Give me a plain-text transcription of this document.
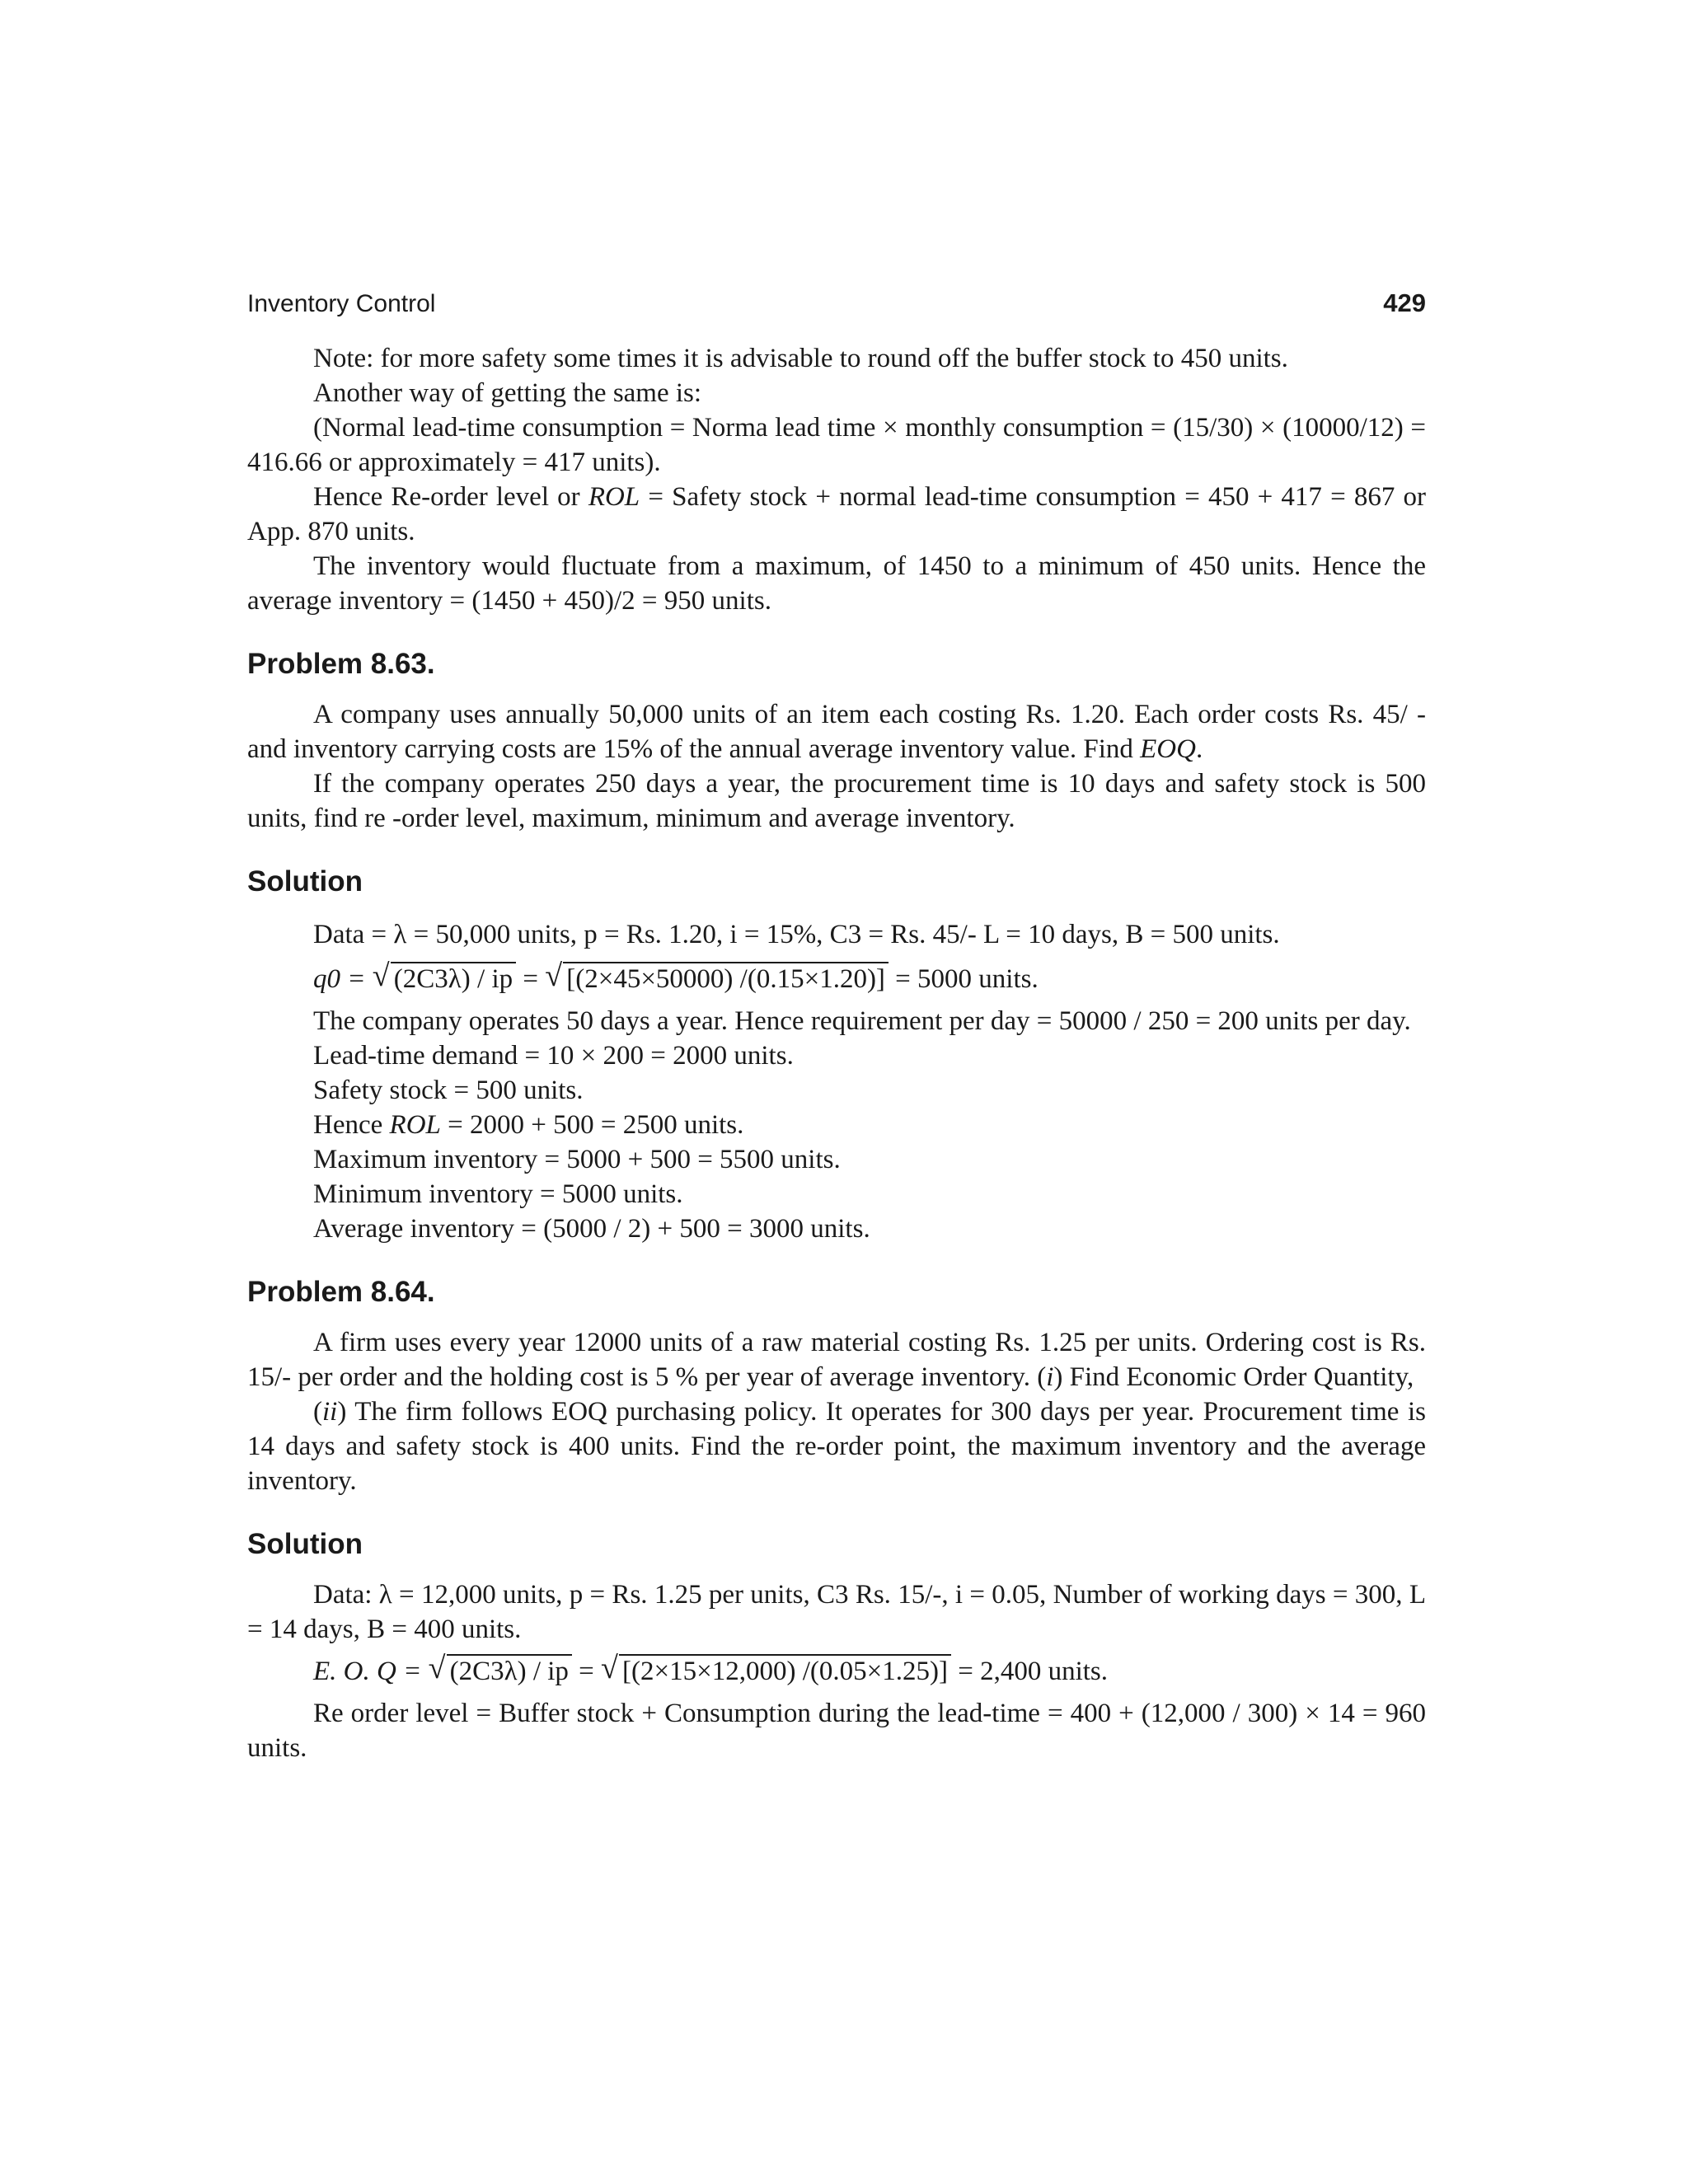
Inventory Control	429

Note: for more safety some times it is advisable to round off the buffer stock to 450 units.

Another way of getting the same is:

(Normal lead-time consumption = Norma lead time × monthly consumption = (15/30) × (10000/12) = 416.66 or approximately = 417 units).

Hence Re-order level or ROL = Safety stock + normal lead-time consumption = 450 + 417 = 867 or App. 870 units.

The inventory would fluctuate from a maximum, of 1450 to a minimum of 450 units. Hence the average inventory = (1450 + 450)/2 = 950 units.

Problem 8.63.

A company uses annually 50,000 units of an item each costing Rs. 1.20. Each order costs Rs. 45/ - and inventory carrying costs are 15% of the annual average inventory value. Find EOQ.

If the company operates 250 days a year, the procurement time is 10 days and safety stock is 500 units, find re -order level, maximum, minimum and average inventory.

Solution
Data = λ = 50,000 units, p = Rs. 1.20, i = 15%, C3 = Rs. 45/- L = 10 days, B = 500 units.
q0 = √ (2C3λ) / ip = √ [(2×45×50000) /(0.15×1.20)] = 5000 units.

The company operates 50 days a year. Hence requirement per day = 50000 / 250 = 200 units per day.

Lead-time demand = 10 × 200 = 2000 units.

Safety stock = 500 units.

Hence ROL = 2000 + 500 = 2500 units.

Maximum inventory = 5000 + 500 = 5500 units.

Minimum inventory = 5000 units.

Average inventory = (5000 / 2) + 500 = 3000 units.

Problem 8.64.

A firm uses every year 12000 units of a raw material costing Rs. 1.25 per units. Ordering cost is Rs. 15/- per order and the holding cost is 5 % per year of average inventory. (i) Find Economic Order Quantity,

(ii) The firm follows EOQ purchasing policy. It operates for 300 days per year. Procurement time is 14 days and safety stock is 400 units. Find the re-order point, the maximum inventory and the average inventory.

Solution

Data: λ = 12,000 units, p = Rs. 1.25 per units, C3 Rs. 15/-, i = 0.05, Number of working days = 300, L = 14 days, B = 400 units.

E. O. Q = √ (2C3λ) / ip = √ [(2×15×12,000) /(0.05×1.25)] = 2,400 units.

Re order level = Buffer stock + Consumption during the lead-time = 400 + (12,000 / 300) × 14 = 960 units.
